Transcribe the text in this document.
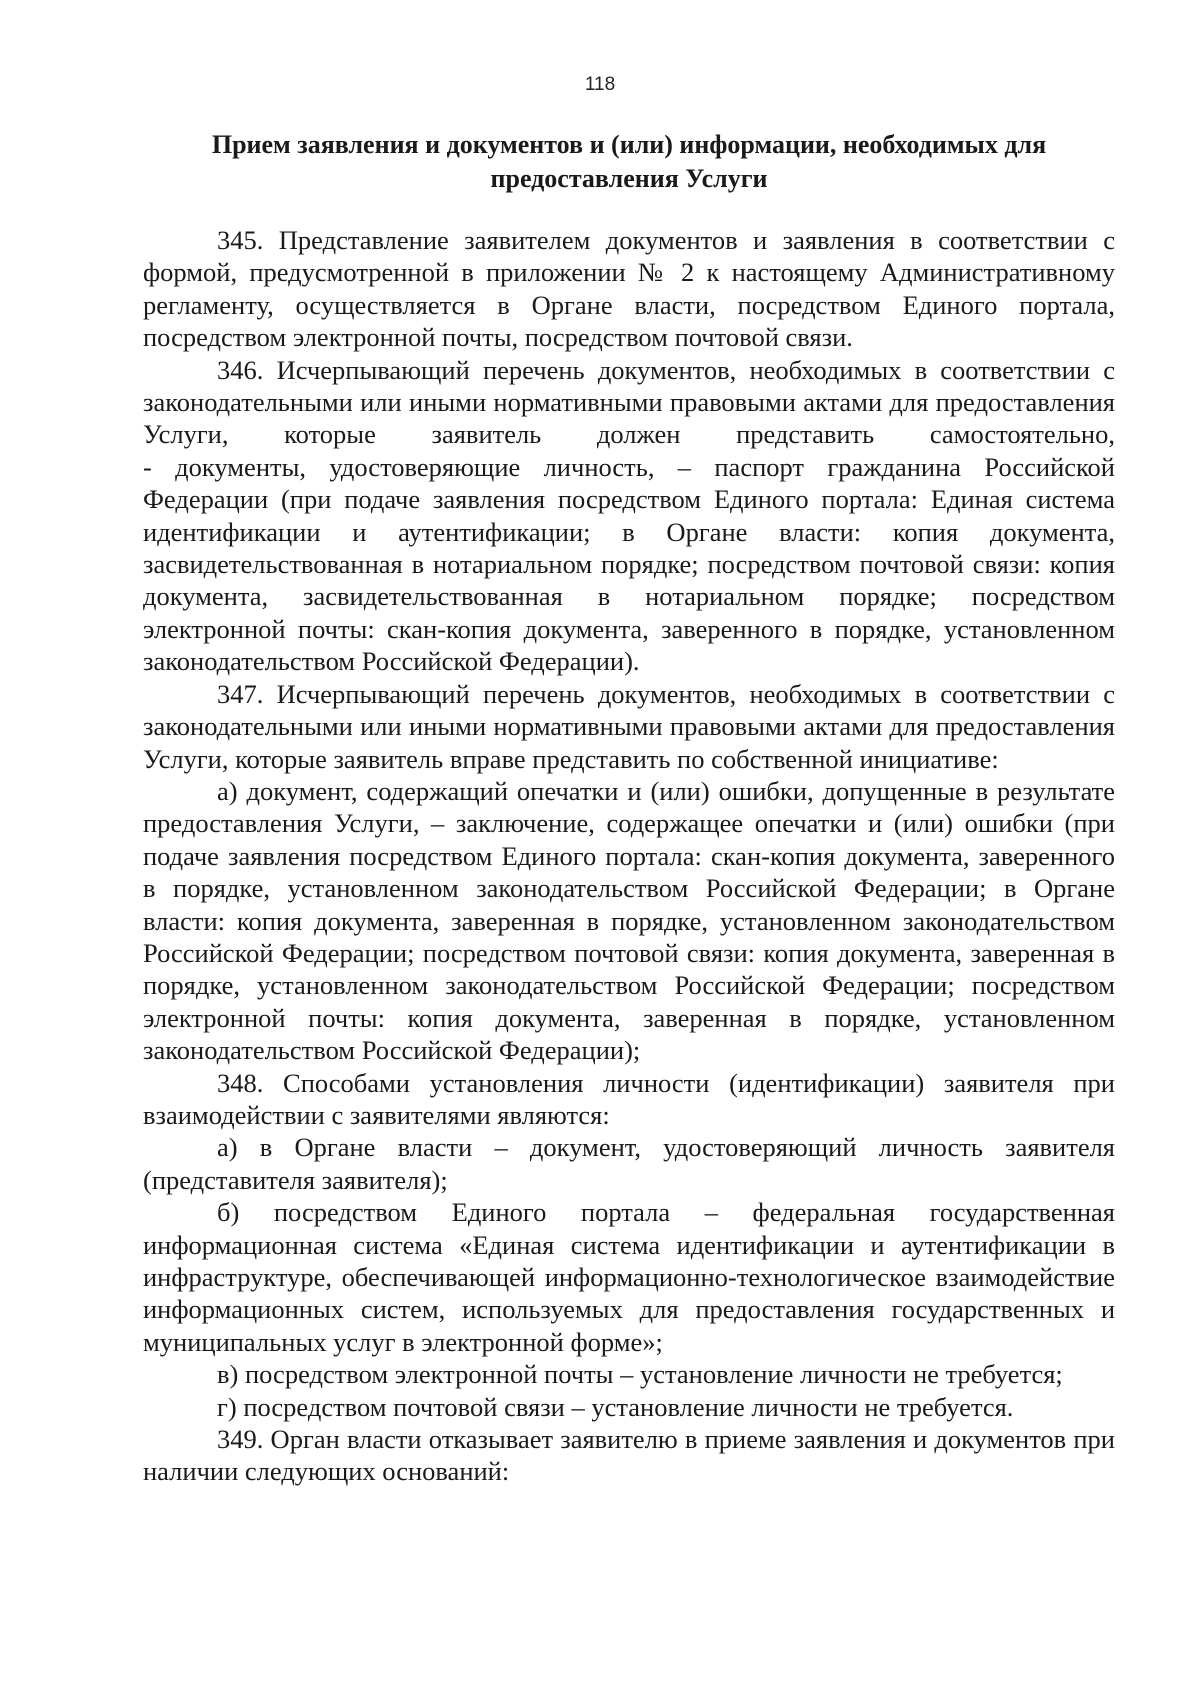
118
Прием заявления и документов и (или) информации, необходимых для предоставления Услуги

345. Представление заявителем документов и заявления в соответствии с формой, предусмотренной в приложении № 2 к настоящему Административному регламенту, осуществляется в Органе власти, посредством Единого портала, посредством электронной почты, посредством почтовой связи.

346. Исчерпывающий перечень документов, необходимых в соответствии с законодательными или иными нормативными правовыми актами для предоставления Услуги, которые заявитель должен представить самостоятельно,

- документы, удостоверяющие личность, – паспорт гражданина Российской Федерации (при подаче заявления посредством Единого портала: Единая система идентификации и аутентификации; в Органе власти: копия документа, засвидетельствованная в нотариальном порядке; посредством почтовой связи: копия документа, засвидетельствованная в нотариальном порядке; посредством электронной почты: скан-копия документа, заверенного в порядке, установленном законодательством Российской Федерации).

347. Исчерпывающий перечень документов, необходимых в соответствии с законодательными или иными нормативными правовыми актами для предоставления Услуги, которые заявитель вправе представить по собственной инициативе:

а) документ, содержащий опечатки и (или) ошибки, допущенные в результате предоставления Услуги, – заключение, содержащее опечатки и (или) ошибки (при подаче заявления посредством Единого портала: скан-копия документа, заверенного в порядке, установленном законодательством Российской Федерации; в Органе власти: копия документа, заверенная в порядке, установленном законодательством Российской Федерации; посредством почтовой связи: копия документа, заверенная в порядке, установленном законодательством Российской Федерации; посредством электронной почты: копия документа, заверенная в порядке, установленном законодательством Российской Федерации);

348. Способами установления личности (идентификации) заявителя при взаимодействии с заявителями являются:

а) в Органе власти – документ, удостоверяющий личность заявителя (представителя заявителя);

б) посредством Единого портала – федеральная государственная информационная система «Единая система идентификации и аутентификации в инфраструктуре, обеспечивающей информационно-технологическое взаимодействие информационных систем, используемых для предоставления государственных и муниципальных услуг в электронной форме»;

в) посредством электронной почты – установление личности не требуется;

г) посредством почтовой связи – установление личности не требуется.

349. Орган власти отказывает заявителю в приеме заявления и документов при наличии следующих оснований:
